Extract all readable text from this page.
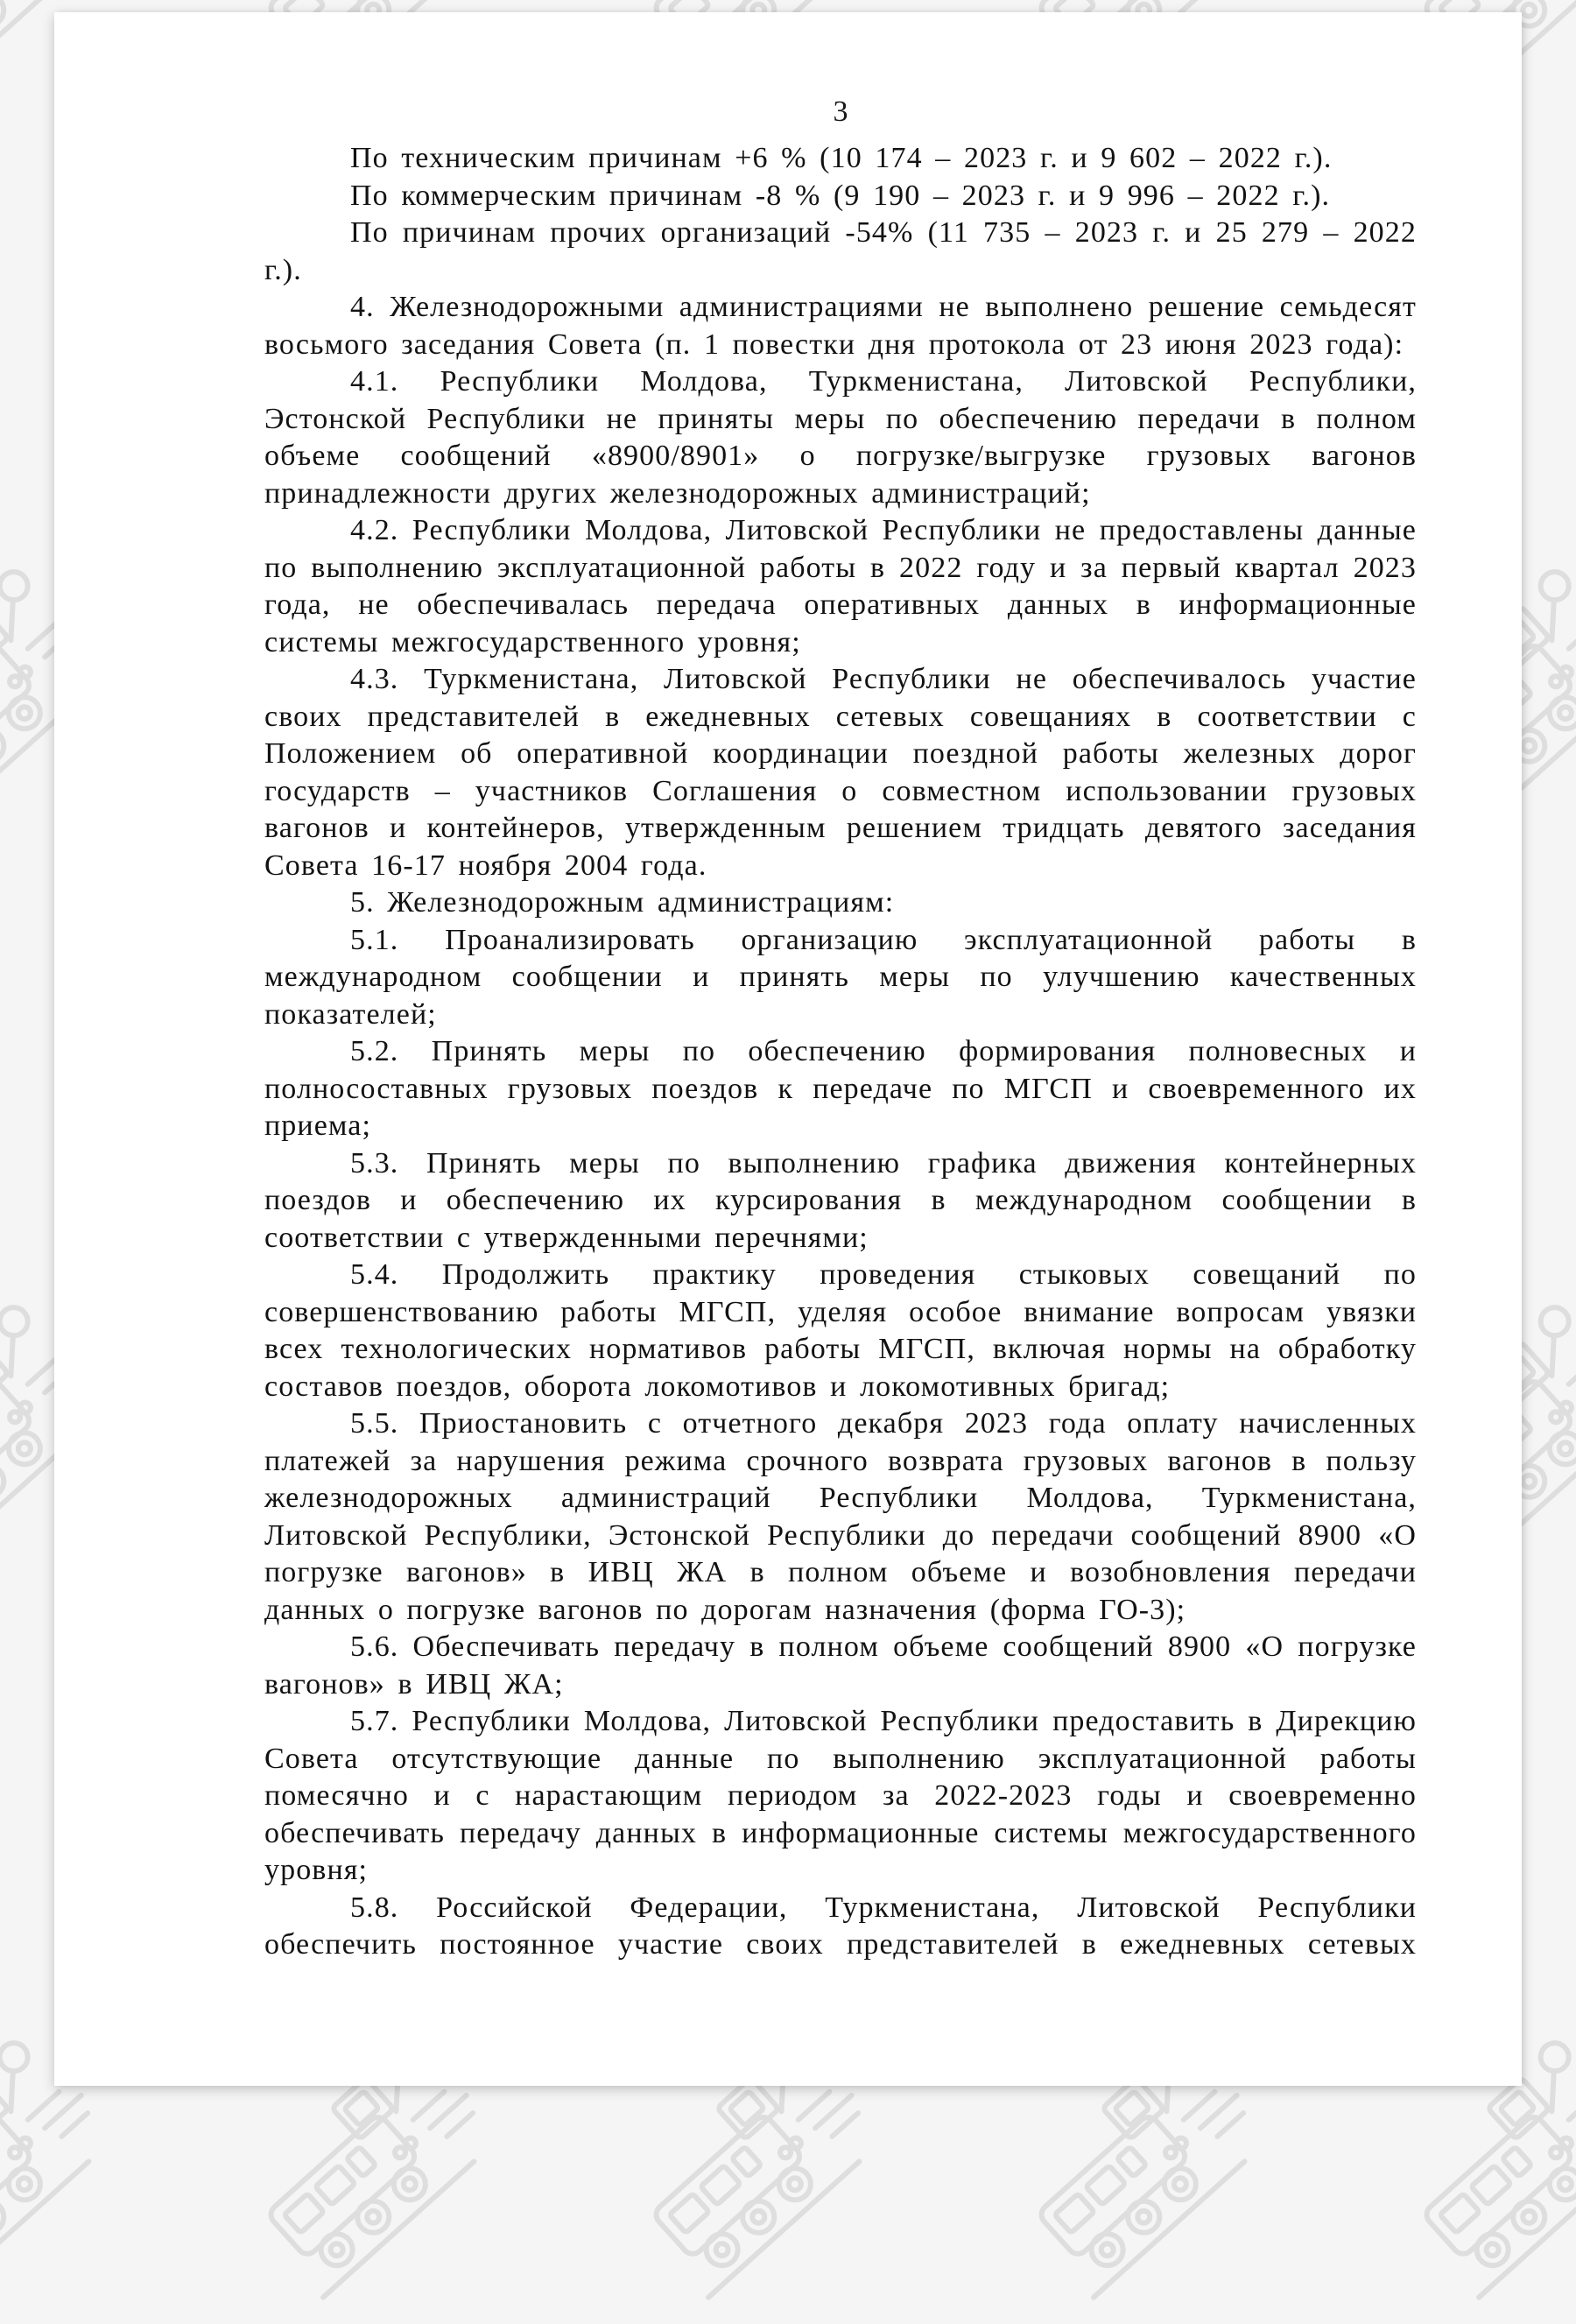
3

По техническим причинам +6 % (10 174 – 2023 г. и 9 602 – 2022 г.).

По коммерческим причинам -8 % (9 190 – 2023 г. и 9 996 – 2022 г.).

По причинам прочих организаций -54% (11 735 – 2023 г. и 25 279 – 2022 г.).

4. Железнодорожными администрациями не выполнено решение семьдесят восьмого заседания Совета (п. 1 повестки дня протокола от 23 июня 2023 года):

4.1. Республики Молдова, Туркменистана, Литовской Республики, Эстонской Республики не приняты меры по обеспечению передачи в полном объеме сообщений «8900/8901» о погрузке/выгрузке грузовых вагонов принадлежности других железнодорожных администраций;

4.2. Республики Молдова, Литовской Республики не предоставлены данные по выполнению эксплуатационной работы в 2022 году и за первый квартал 2023 года, не обеспечивалась передача оперативных данных в информационные системы межгосударственного уровня;

4.3. Туркменистана, Литовской Республики не обеспечивалось участие своих представителей в ежедневных сетевых совещаниях в соответствии с Положением об оперативной координации поездной работы железных дорог государств – участников Соглашения о совместном использовании грузовых вагонов и контейнеров, утвержденным решением тридцать девятого заседания Совета 16-17 ноября 2004 года.

5. Железнодорожным администрациям:

5.1. Проанализировать организацию эксплуатационной работы в международном сообщении и принять меры по улучшению качественных показателей;

5.2. Принять меры по обеспечению формирования полновесных и полносоставных грузовых поездов к передаче по МГСП и своевременного их приема;

5.3. Принять меры по выполнению графика движения контейнерных поездов и обеспечению их курсирования в международном сообщении в соответствии с утвержденными перечнями;

5.4. Продолжить практику проведения стыковых совещаний по совершенствованию работы МГСП, уделяя особое внимание вопросам увязки всех технологических нормативов работы МГСП, включая нормы на обработку составов поездов, оборота локомотивов и локомотивных бригад;

5.5. Приостановить с отчетного декабря 2023 года оплату начисленных платежей за нарушения режима срочного возврата грузовых вагонов в пользу железнодорожных администраций Республики Молдова, Туркменистана, Литовской Республики, Эстонской Республики до передачи сообщений 8900 «О погрузке вагонов» в ИВЦ ЖА в полном объеме и возобновления передачи данных о погрузке вагонов по дорогам назначения (форма ГО-3);

5.6. Обеспечивать передачу в полном объеме сообщений 8900 «О погрузке вагонов» в ИВЦ ЖА;

5.7. Республики Молдова, Литовской Республики предоставить в Дирекцию Совета отсутствующие данные по выполнению эксплуатационной работы помесячно и с нарастающим периодом за 2022-2023 годы и своевременно обеспечивать передачу данных в информационные системы межгосударственного уровня;

5.8. Российской Федерации, Туркменистана, Литовской Республики обеспечить постоянное участие своих представителей в ежедневных сетевых
